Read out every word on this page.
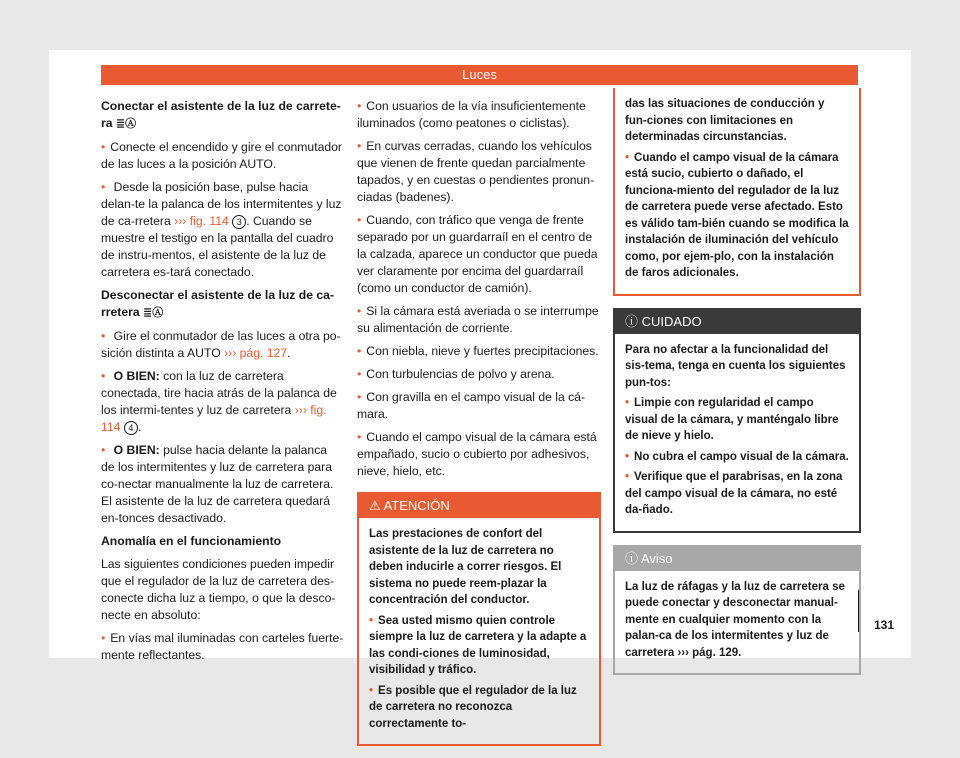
Luces

Conectar el asistente de la luz de carrete-ra ≣Ⓐ

• Conecte el encendido y gire el conmutador de las luces a la posición AUTO.

• Desde la posición base, pulse hacia delan-te la palanca de los intermitentes y luz de ca-rretera ››› fig. 114 3 . Cuando se muestre el testigo en la pantalla del cuadro de instru-mentos, el asistente de la luz de carretera es-tará conectado.

Desconectar el asistente de la luz de ca-rretera ≣Ⓐ

• Gire el conmutador de las luces a otra po-sición distinta a AUTO ››› pág. 127.

• O BIEN: con la luz de carretera conectada, tire hacia atrás de la palanca de los intermi-tentes y luz de carretera ››› fig. 114 4 .

• O BIEN: pulse hacia delante la palanca de los intermitentes y luz de carretera para co-nectar manualmente la luz de carretera. El asistente de la luz de carretera quedará en-tonces desactivado.

Anomalía en el funcionamiento

Las siguientes condiciones pueden impedir que el regulador de la luz de carretera des-conecte dicha luz a tiempo, o que la desco-necte en absoluto:

• En vías mal iluminadas con carteles fuerte-mente reflectantes.

• Con usuarios de la vía insuficientemente iluminados (como peatones o ciclistas).

• En curvas cerradas, cuando los vehículos que vienen de frente quedan parcialmente tapados, y en cuestas o pendientes pronun-ciadas (badenes).

• Cuando, con tráfico que venga de frente separado por un guardarraíl en el centro de la calzada, aparece un conductor que pueda ver claramente por encima del guardarraíl (como un conductor de camión).

• Si la cámara está averiada o se interrumpe su alimentación de corriente.

• Con niebla, nieve y fuertes precipitaciones.

• Con turbulencias de polvo y arena.

• Con gravilla en el campo visual de la cá-mara.

• Cuando el campo visual de la cámara está empañado, sucio o cubierto por adhesivos, nieve, hielo, etc.

⚠ ATENCIÓN

Las prestaciones de confort del asistente de la luz de carretera no deben inducirle a correr riesgos. El sistema no puede reem-plazar la concentración del conductor.

• Sea usted mismo quien controle siempre la luz de carretera y la adapte a las condi-ciones de luminosidad, visibilidad y tráfico.

• Es posible que el regulador de la luz de carretera no reconozca correctamente to-

das las situaciones de conducción y fun-ciones con limitaciones en determinadas circunstancias.

• Cuando el campo visual de la cámara está sucio, cubierto o dañado, el funciona-miento del regulador de la luz de carretera puede verse afectado. Esto es válido tam-bién cuando se modifica la instalación de iluminación del vehículo como, por ejem-plo, con la instalación de faros adicionales.

ⓘ CUIDADO

Para no afectar a la funcionalidad del sis-tema, tenga en cuenta los siguientes pun-tos:

• Limpie con regularidad el campo visual de la cámara, y manténgalo libre de nieve y hielo.

• No cubra el campo visual de la cámara.

• Verifique que el parabrisas, en la zona del campo visual de la cámara, no esté da-ñado.

ⓘ Aviso

La luz de ráfagas y la luz de carretera se puede conectar y desconectar manual-mente en cualquier momento con la palan-ca de los intermitentes y luz de carretera ››› pág. 129.

131
